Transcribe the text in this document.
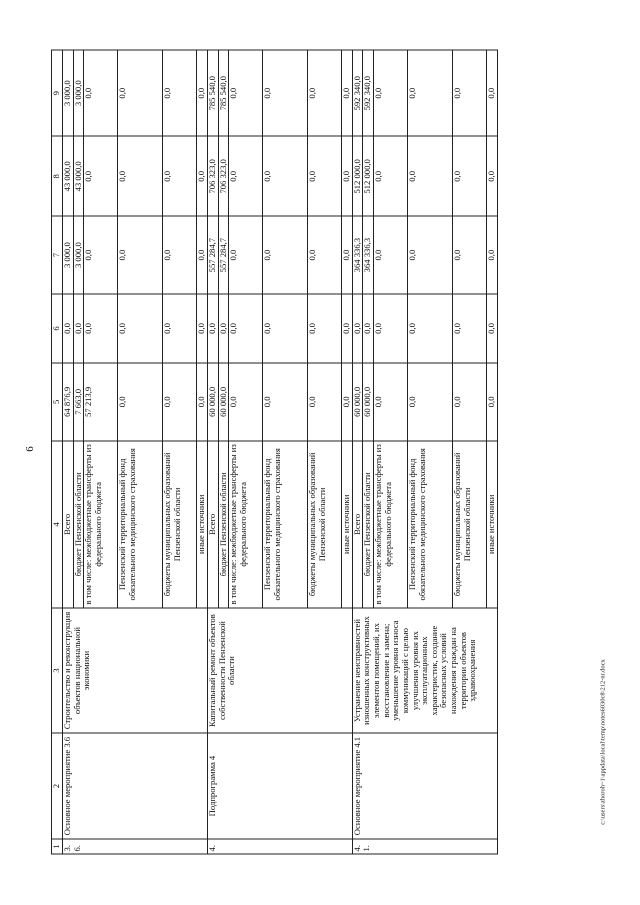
6
1	2	3	4	5	6	7	8	9
3.6.	Основное мероприятие 3.6	Строительство и реконструкция объектов национальной экономики	Всего	64 876,9	0,0	3 000,0	43 000,0	3 000,0
			бюджет Пензенской области	7 663,0	0,0	3 000,0	43 000,0	3 000,0
			в том числе: межбюджетные трансферты из федерального бюджета	57 213,9	0,0	0,0	0,0	0,0
			Пензенский территориальный фонд обязательного медицинского страхования	0,0	0,0	0,0	0,0	0,0
			бюджеты муниципальных образований Пензенской области	0,0	0,0	0,0	0,0	0,0
			иные источники	0,0	0,0	0,0	0,0	0,0
4.	Подпрограмма 4	Капитальный ремонт объектов собственности Пензенской области	Всего	60 000,0	0,0	557 284,7	706 323,0	785 540,0
			бюджет Пензенской области	60 000,0	0,0	557 284,7	706 323,0	785 540,0
			в том числе: межбюджетные трансферты из федерального бюджета	0,0	0,0	0,0	0,0	0,0
			Пензенский территориальный фонд обязательного медицинского страхования	0,0	0,0	0,0	0,0	0,0
			бюджеты муниципальных образований Пензенской области	0,0	0,0	0,0	0,0	0,0
			иные источники	0,0	0,0	0,0	0,0	0,0
4.1.	Основное мероприятие 4.1	Устранение неисправностей изношенных конструктивных элементов помещений, их восстановление и замена; уменьшение уровня износа коммуникаций с целью улучшения уровня их эксплуатационных характеристик, создание безопасных условий нахождения граждан на территории объектов здравоохранения	Всего	60 000,0	0,0	364 336,3	512 000,0	592 340,0
			бюджет Пензенской области	60 000,0	0,0	364 336,3	512 000,0	592 340,0
			в том числе: межбюджетные трансферты из федерального бюджета	0,0	0,0	0,0	0,0	0,0
			Пензенский территориальный фонд обязательного медицинского страхования	0,0	0,0	0,0	0,0	0,0
			бюджеты муниципальных образований Пензенской области	0,0	0,0	0,0	0,0	0,0
			иные источники	0,0	0,0	0,0	0,0	0,0
c:\users\zhoroh~1\appdata\local\temp\notes6030c8\212-nr.docx
